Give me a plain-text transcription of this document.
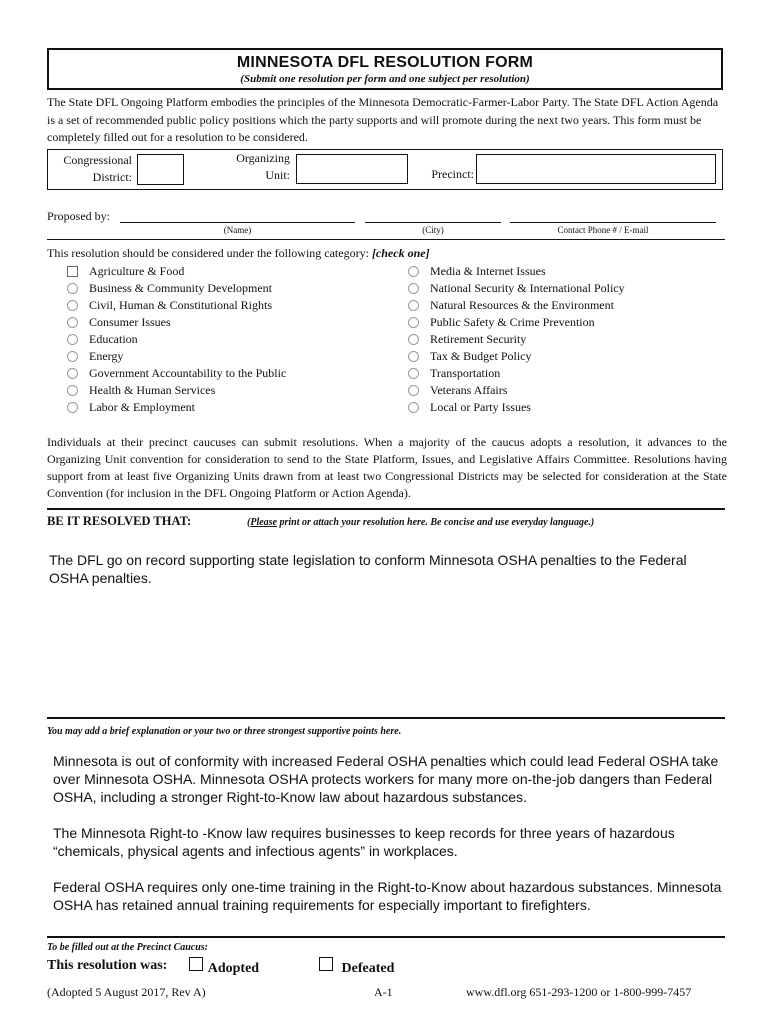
MINNESOTA DFL RESOLUTION FORM
(Submit one resolution per form and one subject per resolution)
The State DFL Ongoing Platform embodies the principles of the Minnesota Democratic-Farmer-Labor Party. The State DFL Action Agenda is a set of recommended public policy positions which the party supports and will promote during the next two years. This form must be completely filled out for a resolution to be considered.
Congressional
District:
Organizing
Unit:	Precinct:
Proposed by:
(Name)	(City)	Contact Phone # / E-mail
This resolution should be considered under the following category: [check one]
Agriculture & Food
Business & Community Development
Civil, Human & Constitutional Rights
Consumer Issues
Education
Energy
Government Accountability to the Public
Health & Human Services
Labor & Employment
Media & Internet Issues
National Security & International Policy
Natural Resources & the Environment
Public Safety & Crime Prevention
Retirement Security
Tax & Budget Policy
Transportation
Veterans Affairs
Local or Party Issues
Individuals at their precinct caucuses can submit resolutions. When a majority of the caucus adopts a resolution, it advances to the Organizing Unit convention for consideration to send to the State Platform, Issues, and Legislative Affairs Committee. Resolutions having support from at least five Organizing Units drawn from at least two Congressional Districts may be selected for consideration at the State Convention (for inclusion in the DFL Ongoing Platform or Action Agenda).
BE IT RESOLVED THAT:	(Please print or attach your resolution here. Be concise and use everyday language.)
The DFL go on record supporting state legislation to conform Minnesota OSHA penalties to the Federal OSHA penalties.
You may add a brief explanation or your two or three strongest supportive points here.
Minnesota is out of conformity with increased Federal OSHA penalties which could lead Federal OSHA take over Minnesota OSHA. Minnesota OSHA protects workers for many more on-the-job dangers than Federal OSHA, including a stronger Right-to-Know law about hazardous substances.
The Minnesota Right-to -Know law requires businesses to keep records for three years of hazardous “chemicals, physical agents and infectious agents” in workplaces.
Federal OSHA requires only one-time training in the Right-to-Know about hazardous substances. Minnesota OSHA has retained annual training requirements for especially important to firefighters.
To be filled out at the Precinct Caucus:
This resolution was:	Adopted	Defeated
(Adopted 5 August 2017, Rev A)	A-1	www.dfl.org 651-293-1200 or 1-800-999-7457
